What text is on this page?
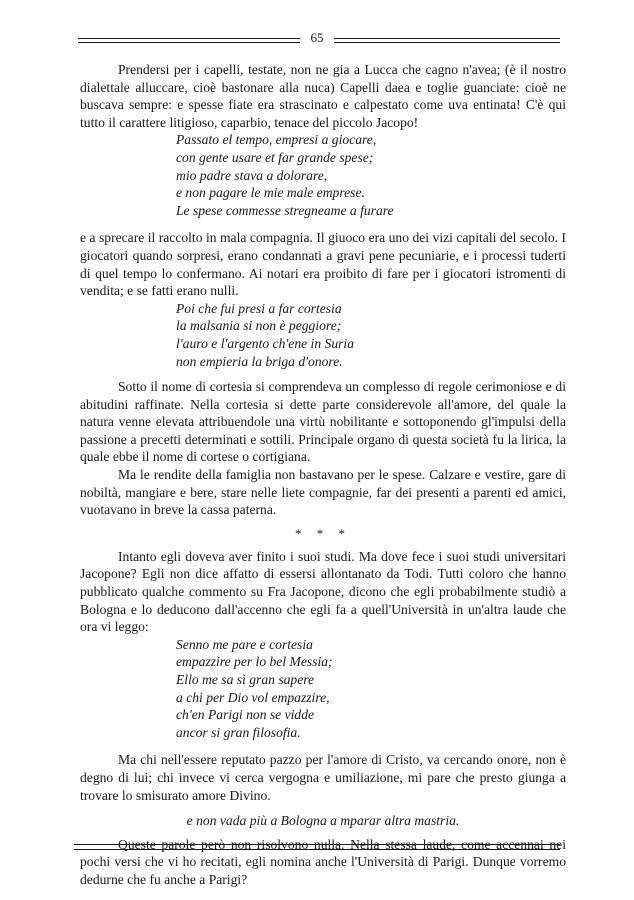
65

Prendersi per i capelli, testate, non ne gia a Lucca che cagno n'avea; (è il nostro dialettale alluccare, cioè bastonare alla nuca) Capelli daea e toglie guanciate: cioè ne buscava sempre: e spesse fiate era strascinato e calpestato come uva entinata! C'è qui tutto il carattere litigioso, caparbio, tenace del piccolo Jacopo!

Passato el tempo, empresi a giocare,
con gente usare et far grande spese;
mio padre stava a dolorare,
e non pagare le mie male emprese.
Le spese commesse stregneame a furare

e a sprecare il raccolto in mala compagnia. Il giuoco era uno dei vizi capitali del secolo. I giocatori quando sorpresi, erano condannati a gravi pene pecuniarie, e i processi tuderti di quel tempo lo confermano. Ai notari era proibito di fare per i giocatori istromenti di vendita; e se fatti erano nulli.

Poi che fui presi a far cortesia
la malsania si non è peggiore;
l'auro e l'argento ch'ene in Suria
non empieria la briga d'onore.

Sotto il nome di cortesia si comprendeva un complesso di regole cerimoniose e di abitudini raffinate. Nella cortesia si dette parte considerevole all'amore, del quale la natura venne elevata attribuendole una virtù nobilitante e sottoponendo gl'impulsi della passione a precetti determinati e sottili. Principale organo di questa società fu la lirica, la quale ebbe il nome di cortese o cortigiana.

Ma le rendite della famiglia non bastavano per le spese. Calzare e vestire, gare di nobiltà, mangiare e bere, stare nelle liete compagnie, far dei presenti a parenti ed amici, vuotavano in breve la cassa paterna.

* * *

Intanto egli doveva aver finito i suoi studi. Ma dove fece i suoi studi universitari Jacopone? Egli non dice affatto di essersi allontanato da Todi. Tutti coloro che hanno pubblicato qualche commento su Fra Jacopone, dicono che egli probabilmente studiò a Bologna e lo deducono dall'accenno che egli fa a quell'Università in un'altra laude che ora vi leggo:

Senno me pare e cortesia
empazzire per lo bel Messia;
Ello me sa sì gran sapere
a chi per Dio vol empazzire,
ch'en Parigi non se vidde
ancor si gran filosofia.

Ma chi nell'essere reputato pazzo per l'amore di Cristo, va cercando onore, non è degno di lui; chi invece vi cerca vergogna e umiliazione, mi pare che presto giunga a trovare lo smisurato amore Divino.

e non vada più a Bologna a mparar altra mastria.

Queste parole però non risolvono nulla. Nella stessa laude, come accennai nei pochi versi che vi ho recitati, egli nomina anche l'Università di Parigi. Dunque vorremo dedurne che fu anche a Parigi?
